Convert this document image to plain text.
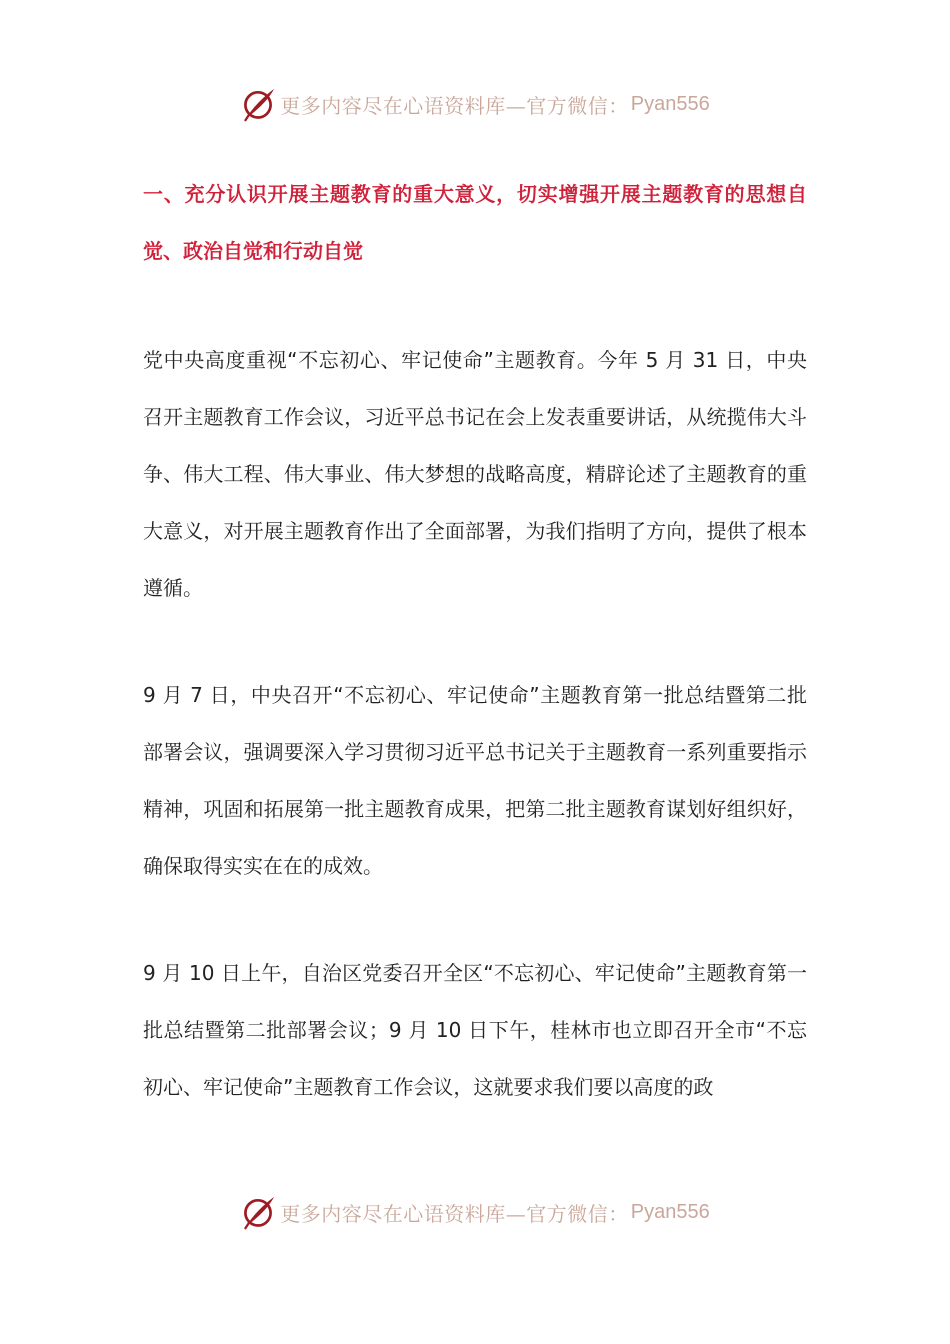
更多内容尽在心语资料库—官方微信： Pyan556

一、充分认识开展主题教育的重大意义，切实增强开展主题教育的思想自觉、政治自觉和行动自觉

党中央高度重视“不忘初心、牢记使命”主题教育。今年 5 月 31 日，中央召开主题教育工作会议，习近平总书记在会上发表重要讲话，从统揽伟大斗争、伟大工程、伟大事业、伟大梦想的战略高度，精辟论述了主题教育的重大意义，对开展主题教育作出了全面部署，为我们指明了方向，提供了根本遵循。

9 月 7 日，中央召开“不忘初心、牢记使命”主题教育第一批总结暨第二批部署会议，强调要深入学习贯彻习近平总书记关于主题教育一系列重要指示精神，巩固和拓展第一批主题教育成果，把第二批主题教育谋划好组织好，确保取得实实在在的成效。

9 月 10 日上午，自治区党委召开全区“不忘初心、牢记使命”主题教育第一批总结暨第二批部署会议；9 月 10 日下午，桂林市也立即召开全市“不忘初心、牢记使命”主题教育工作会议，这就要求我们要以高度的政

更多内容尽在心语资料库—官方微信： Pyan556
